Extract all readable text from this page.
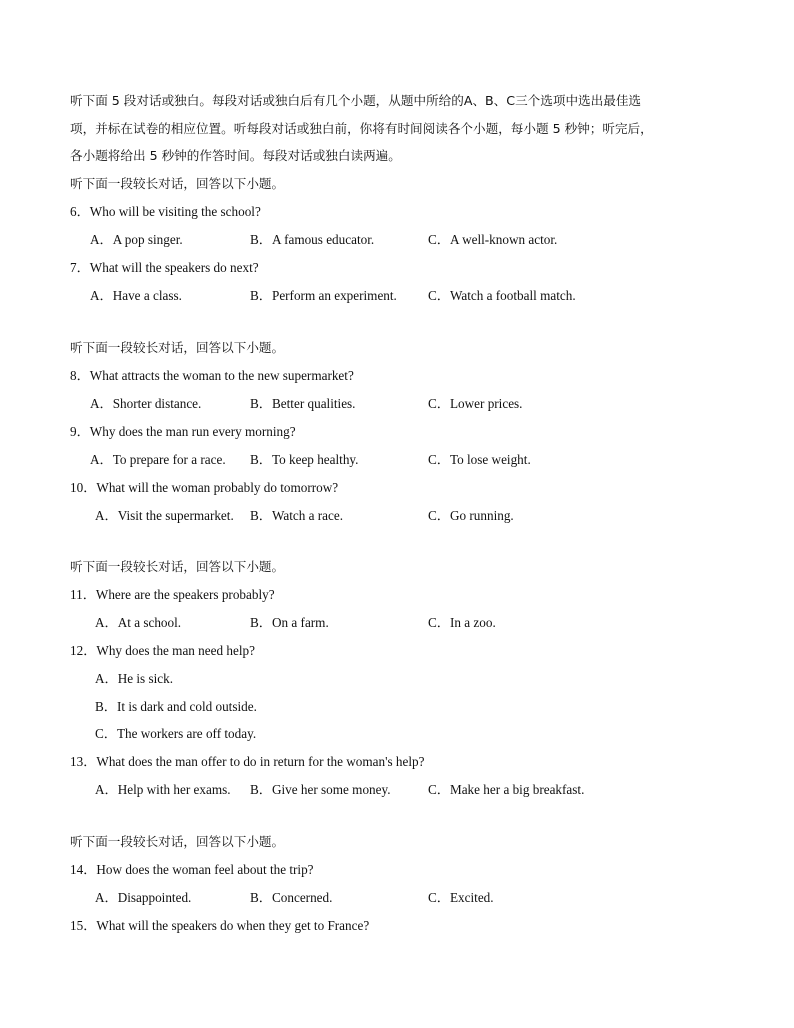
听下面 5 段对话或独白。每段对话或独白后有几个小题，从题中所给的A、B、C三个选项中选出最佳选
项，并标在试卷的相应位置。听每段对话或独白前，你将有时间阅读各个小题，每小题 5 秒钟；听完后，
各小题将给出 5 秒钟的作答时间。每段对话或独白读两遍。
听下面一段较长对话，回答以下小题。
6．Who will be visiting the school?
A．A pop singer.	B．A famous educator.	C．A well-known actor.
7．What will the speakers do next?
A．Have a class.	B．Perform an experiment. C．Watch a football match.
听下面一段较长对话，回答以下小题。
8．What attracts the woman to the new supermarket?
A．Shorter distance.	B．Better qualities.	C．Lower prices.
9．Why does the man run every morning?
A．To prepare for a race. B．To keep healthy.	C．To lose weight.
10．What will the woman probably do tomorrow?
A．Visit the supermarket. B．Watch a race.	C．Go running.
听下面一段较长对话，回答以下小题。
11．Where are the speakers probably?
A．At a school.	B．On a farm.	C．In a zoo.
12．Why does the man need help?
A．He is sick.
B．It is dark and cold outside.
C．The workers are off today.
13．What does the man offer to do in return for the woman's help?
A．Help with her exams. B．Give her some money.	C．Make her a big breakfast.
听下面一段较长对话，回答以下小题。
14．How does the woman feel about the trip?
A．Disappointed.	B．Concerned.	C．Excited.
15．What will the speakers do when they get to France?
